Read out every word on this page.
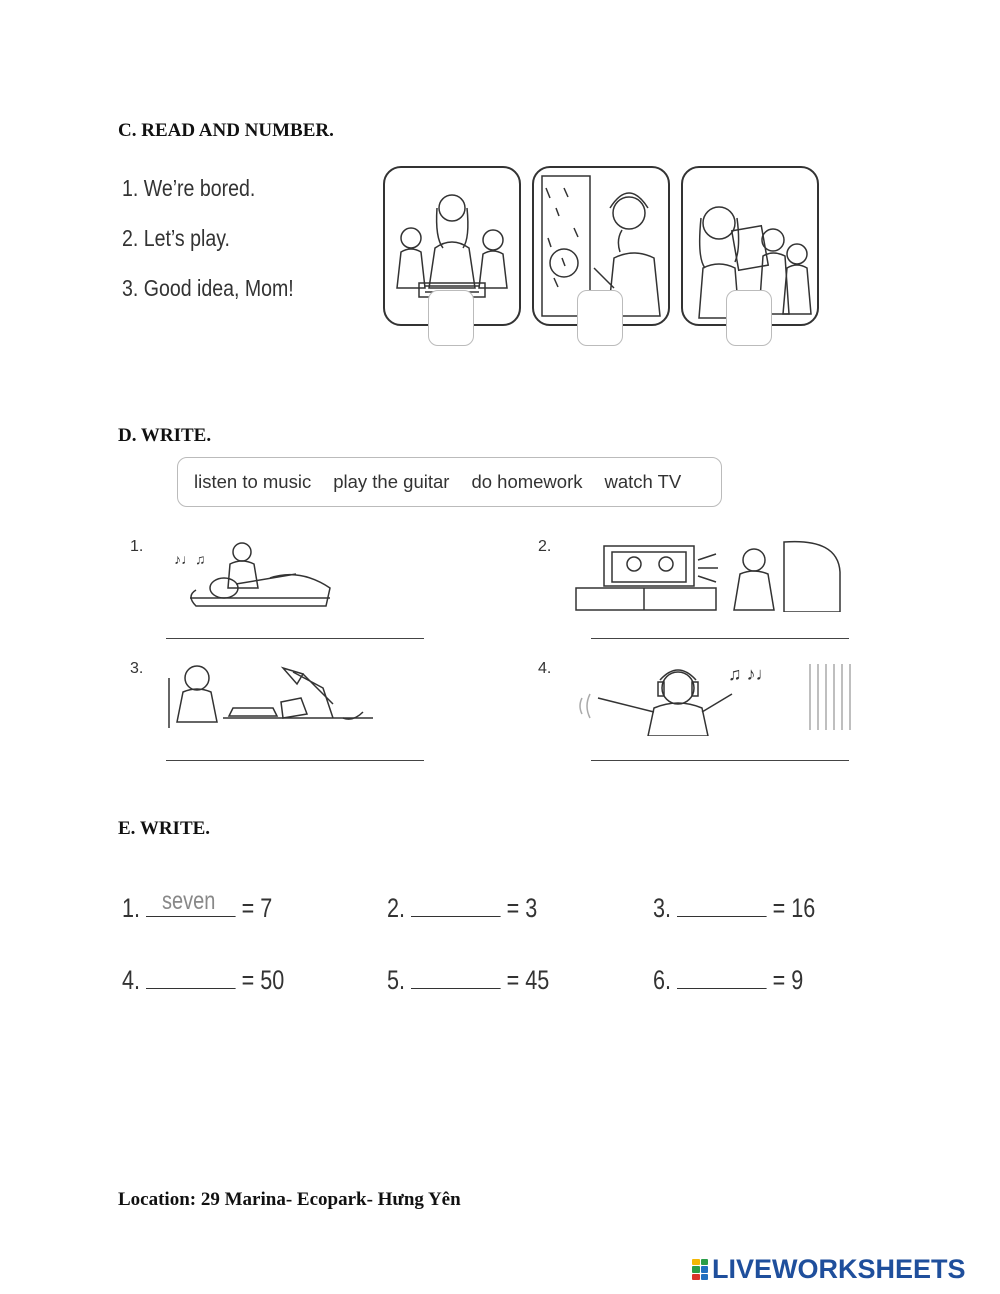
C. READ AND NUMBER.
1. We’re bored.
2. Let’s play.
3. Good idea, Mom!
D. WRITE.
listen to music play the guitar do homework watch TV
1.	2.
3.	4.
♪♩♫
♫ ♪♩
E. WRITE.
1. seven = 7	2.	= 3	3.	= 16
4.	= 50	5.	= 45	6.	= 9
Location: 29 Marina- Ecopark- Hưng Yên
LIVEWORKSHEETS
